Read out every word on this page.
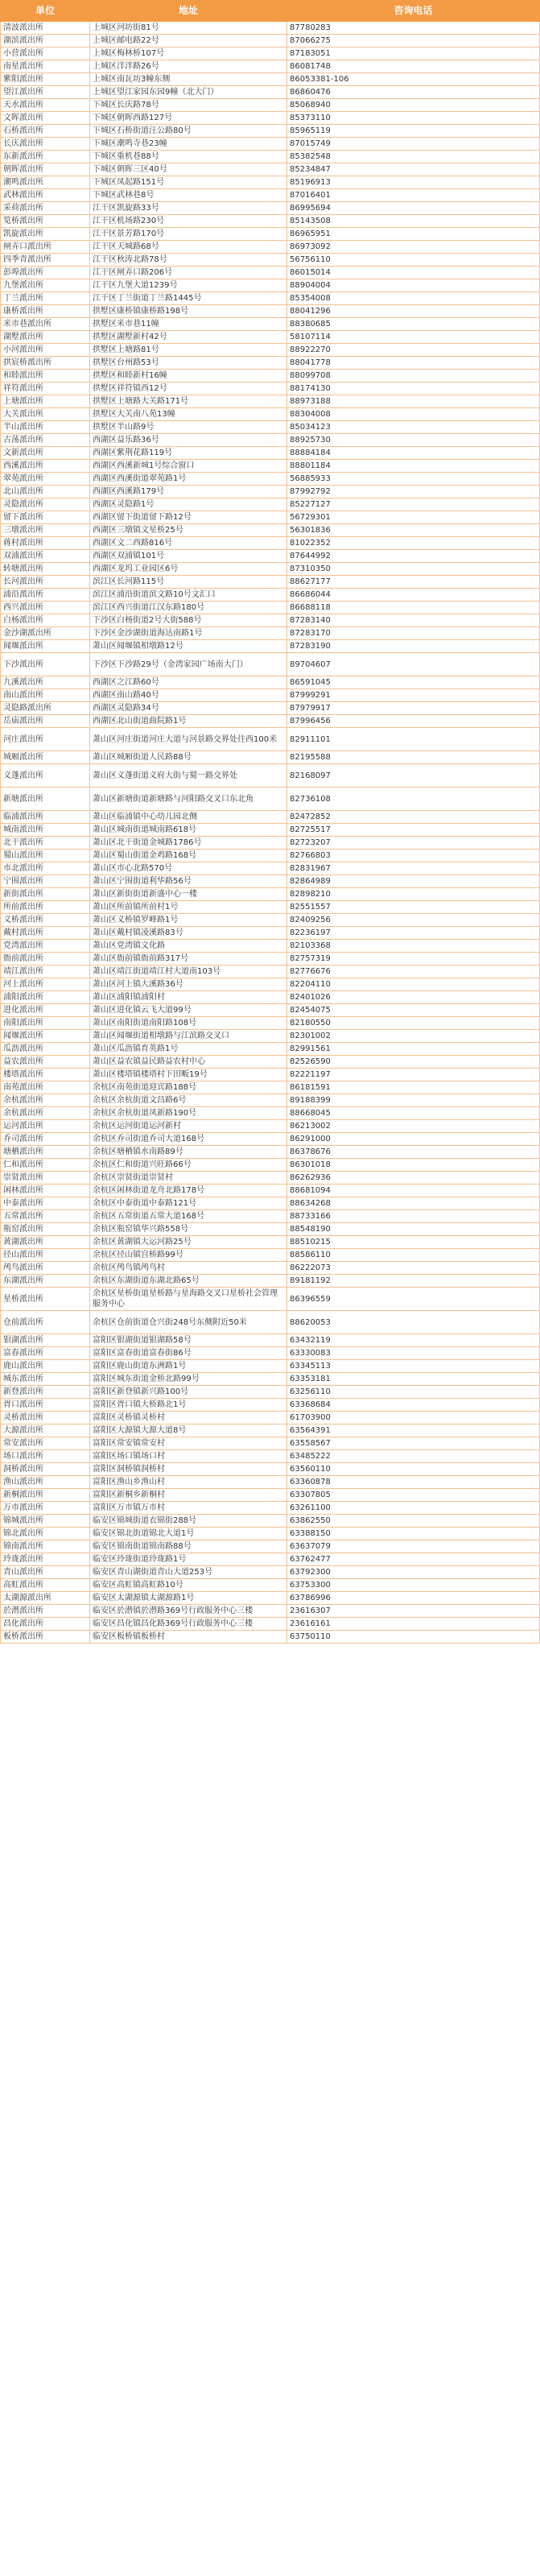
单位	地址	咨询电话
清波派出所	上城区河坊街81号	87780283
湖滨派出所	上城区邮电路22号	87066275
小营派出所	上城区梅林桥107号	87183051
南星派出所	上城区洋泮路26号	86081748
紫阳派出所	上城区南瓦坊3幢东侧	86053381-106
望江派出所	上城区望江家园东园9幢（北大门）	86860476
天水派出所	下城区长庆路78号	85068940
文晖派出所	下城区朝晖西路127号	85373110
石桥派出所	下城区石桥街道汪公路80号	85965119
长庆派出所	下城区潮鸣寺巷23幢	87015749
东新派出所	下城区重机巷88号	85382548
朝晖派出所	下城区朝晖三区40号	85234847
潮鸣派出所	下城区凤起路151号	85196913
武林派出所	下城区武林巷8号	87016401
采荷派出所	江干区凯旋路33号	86995694
笕桥派出所	江干区机场路230号	85143508
凯旋派出所	江干区景芳路170号	86965951
闸弄口派出所	江干区天城路68号	86973092
四季青派出所	江干区秋涛北路78号	56756110
彭埠派出所	江干区闸弄口路206号	86015014
九堡派出所	江干区九堡大道1239号	88904004
丁兰派出所	江干区丁兰街道丁兰路1445号	85354008
康桥派出所	拱墅区康桥镇康桥路198号	88041296
米市巷派出所	拱墅区米市巷11幢	88380685
湖墅派出所	拱墅区湖墅新村42号	58107114
小河派出所	拱墅区上塘路81号	88922270
拱宸桥派出所	拱墅区台州路53号	88041778
和睦派出所	拱墅区和睦新村16幢	88099708
祥符派出所	拱墅区祥符镇西12号	88174130
上塘派出所	拱墅区上塘路大关路171号	88973188
大关派出所	拱墅区大关南八苑13幢	88304008
半山派出所	拱墅区半山路9号	85034123
古荡派出所	西湖区益乐路36号	88925730
文新派出所	西湖区紫荆花路119号	88884184
西溪派出所	西湖区西溪新城1号综合窗口	88801184
翠苑派出所	西湖区西溪街道翠苑路1号	56885933
北山派出所	西湖区西溪路179号	87992792
灵隐派出所	西湖区灵隐路1号	85227127
留下派出所	西湖区留下街道留下路12号	56729301
三墩派出所	西湖区三墩镇文星桥25号	56301836
蒋村派出所	西湖区文二西路816号	81022352
双浦派出所	西湖区双浦镇101号	87644992
转塘派出所	西湖区龙坞工业园区6号	87310350
长河派出所	滨江区长河路115号	88627177
浦沿派出所	滨江区浦沿街道滨文路10号文汇口	86686044
西兴派出所	滨江区西兴街道江汉东路180号	86688118
白杨派出所	下沙区白杨街道2号大街588号	87283140
金沙湖派出所	下沙区金沙湖街道海达南路1号	87283170
闻堰派出所	萧山区闻堰镇相墩路12号	87283190
下沙派出所	下沙区下沙路29号（金湾家园广场南大门）	89704607
九溪派出所	西湖区之江路60号	86591045
南山派出所	西湖区南山路40号	87999291
灵隐路派出所	西湖区灵隐路34号	87979917
岳庙派出所	西湖区北山街道曲院路1号	87996456
河庄派出所	萧山区河庄街道河庄大道与河景路交界处往西100米	82911101
城厢派出所	萧山区城厢街道人民路88号	82195588
义蓬派出所	萧山区义蓬街道义府大街与蜀一路交界处	82168097
新塘派出所	萧山区新塘街道新塘路与河阳路交叉口东北角	82736108
临浦派出所	萧山区临浦镇中心幼儿园北侧	82472852
城南派出所	萧山区城南街道城南路618号	82725517
北干派出所	萧山区北干街道金城路1786号	82723207
蜀山派出所	萧山区蜀山街道金鸡路168号	82766803
市北派出所	萧山区市心北路570号	82831967
宁围派出所	萧山区宁围街道利华路56号	82864989
新街派出所	萧山区新街街道新盛中心一楼	82898210
所前派出所	萧山区所前镇所前村1号	82551557
义桥派出所	萧山区义桥镇罗峰路1号	82409256
戴村派出所	萧山区戴村镇凌溪路83号	82236197
党湾派出所	萧山区党湾镇文化路	82103368
衙前派出所	萧山区衙前镇衙前路317号	82757319
靖江派出所	萧山区靖江街道靖江村大道南103号	82776676
河上派出所	萧山区河上镇大溪路36号	82204110
浦阳派出所	萧山区浦阳镇浦阳村	82401026
进化派出所	萧山区进化镇云飞大道99号	82454075
南阳派出所	萧山区南阳街道南阳路108号	82180550
闻堰派出所	萧山区闻堰街道相墩路与江滨路交叉口	82301002
瓜沥派出所	萧山区瓜沥镇育英路1号	82991561
益农派出所	萧山区益农镇益民路益农村中心	82526590
楼塔派出所	萧山区楼塔镇楼塔村下田畈19号	82221197
南苑派出所	余杭区南苑街道迎宾路188号	86181591
余杭派出所	余杭区余杭街道文昌路6号	89188399
余杭派出所	余杭区余杭街道凤新路190号	88668045
运河派出所	余杭区运河街道运河新村	86213002
乔司派出所	余杭区乔司街道乔司大道168号	86291000
塘栖派出所	余杭区塘栖镇水南路89号	86378676
仁和派出所	余杭区仁和街道兴旺路66号	86301018
崇贤派出所	余杭区崇贤街道崇贤村	86262936
闲林派出所	余杭区闲林街道龙舟北路178号	88681094
中泰派出所	余杭区中泰街道中泰路121号	88634268
五常派出所	余杭区五常街道五常大道168号	88733166
瓶窑派出所	余杭区瓶窑镇华兴路558号	88548190
黄湖派出所	余杭区黄湖镇大运河路25号	88510215
径山派出所	余杭区径山镇宫桥路99号	88586110
鸬鸟派出所	余杭区鸬鸟镇鸬鸟村	86222073
东湖派出所	余杭区东湖街道东湖北路65号	89181192
星桥派出所	余杭区星桥街道星桥路与星海路交叉口星桥社会管理服务中心	86396559
仓前派出所	余杭区仓前街道仓兴街248号东侧附近50米	88620053
银湖派出所	富阳区银湖街道银湖路58号	63432119
富春派出所	富阳区富春街道富春街86号	63330083
鹿山派出所	富阳区鹿山街道东洲路1号	63345113
城东派出所	富阳区城东街道金桥北路99号	63353181
新登派出所	富阳区新登镇新兴路100号	63256110
胥口派出所	富阳区胥口镇大桥路北1号	63368684
灵桥派出所	富阳区灵桥镇灵桥村	61703900
大源派出所	富阳区大源镇大源大道8号	63564391
常安派出所	富阳区常安镇常安村	63558567
场口派出所	富阳区场口镇场口村	63485222
洞桥派出所	富阳区洞桥镇洞桥村	63560110
渔山派出所	富阳区渔山乡渔山村	63360878
新桐派出所	富阳区新桐乡新桐村	63307805
万市派出所	富阳区万市镇万市村	63261100
锦城派出所	临安区锦城街道衣锦街288号	63862550
锦北派出所	临安区锦北街道锦北大道1号	63388150
锦南派出所	临安区锦南街道锦南路88号	63637079
玲珑派出所	临安区玲珑街道玲珑路1号	63762477
青山派出所	临安区青山湖街道青山大道253号	63792300
高虹派出所	临安区高虹镇高虹路10号	63753300
太湖源派出所	临安区太湖源镇太湖源路1号	63786996
於潜派出所	临安区於潜镇於潜路369号行政服务中心三楼	23616307
昌化派出所	临安区昌化镇昌化路369号行政服务中心三楼	23616161
板桥派出所	临安区板桥镇板桥村	63750110
